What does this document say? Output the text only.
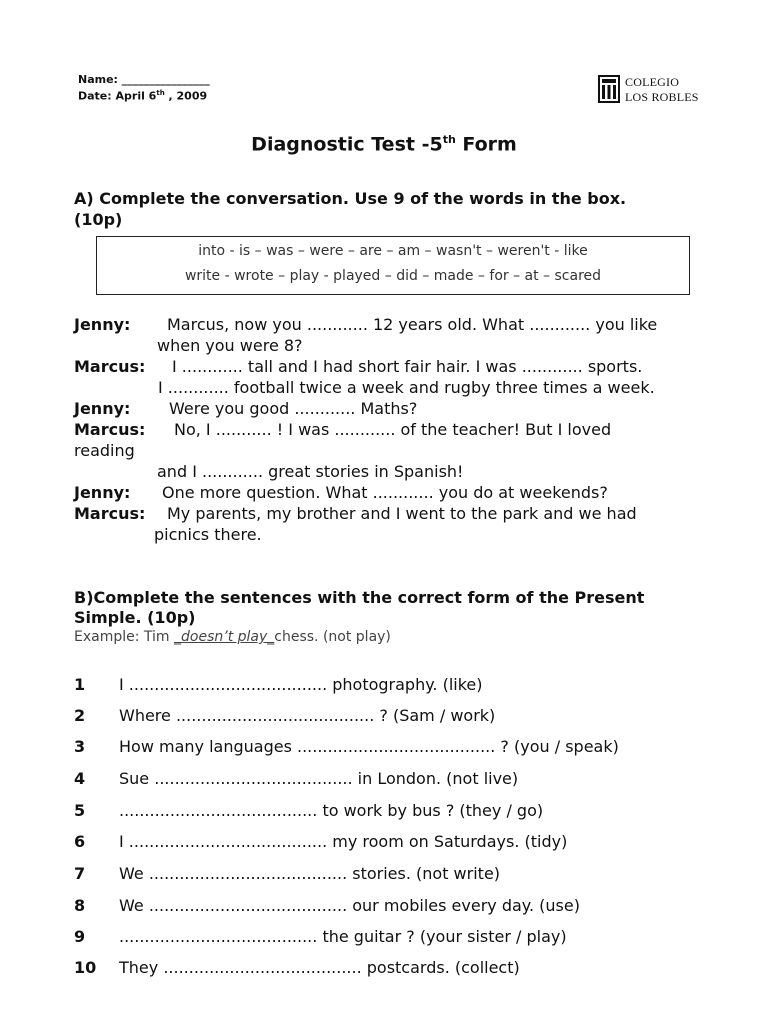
Name: ________________
Date: April 6th , 2009
COLEGIO
LOS ROBLES
Diagnostic Test -5th Form
A) Complete the conversation. Use 9 of the words in the box.
(10p)
into - is – was – were – are – am – wasn't – weren't - like
write - wrote – play - played – did – made – for – at – scared
Jenny: Marcus, now you ............ 12 years old. What ............ you like
when you were 8?
Marcus: I ............ tall and I had short fair hair. I was ............ sports.
I ............ football twice a week and rugby three times a week.
Jenny: Were you good ............ Maths?
Marcus: No, I ........... ! I was ............ of the teacher! But I loved
reading
and I ............ great stories in Spanish!
Jenny: One more question. What ............ you do at weekends?
Marcus: My parents, my brother and I went to the park and we had
picnics there.
B)Complete the sentences with the correct form of the Present
Simple. (10p)
Example: Tim _doesn’t play_chess. (not play)
1 I ....................................... photography. (like)
2 Where ....................................... ? (Sam / work)
3 How many languages ....................................... ? (you / speak)
4 Sue ....................................... in London. (not live)
5 ....................................... to work by bus ? (they / go)
6 I ....................................... my room on Saturdays. (tidy)
7 We ....................................... stories. (not write)
8 We ....................................... our mobiles every day. (use)
9 ....................................... the guitar ? (your sister / play)
10 They ....................................... postcards. (collect)
